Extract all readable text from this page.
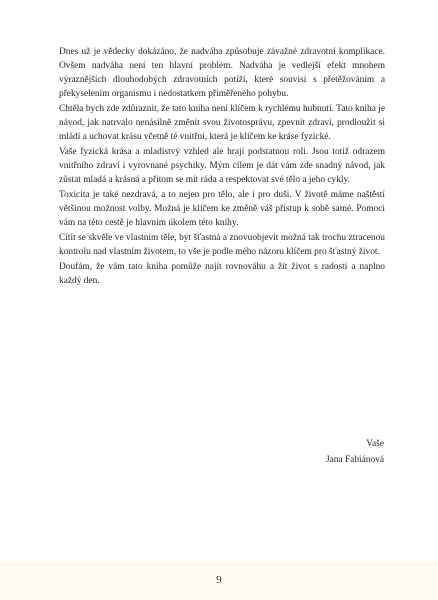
Dnes už je vědecky dokázáno, že nadváha způsobuje závažné zdravotní komplikace. Ovšem nadváha není ten hlavní problém. Nadváha je vedlejší efekt mnohem výraznějších dlouhodobých zdravotních potíží, které souvisí s přetěžováním a překyselením organismu i nedostatkem přiměřeného pohybu.

Chtěla bych zde zdůraznit, že tato kniha není klíčem k rychlému hubnutí. Tato kniha je návod, jak natrvalo nenásilně změnit svou životosprávu, zpevnit zdraví, prodloužit si mládí a uchovat krásu včetně té vnitřní, která je klíčem ke kráse fyzické.

Vaše fyzická krása a mladistvý vzhled ale hrají podstatnou roli. Jsou totiž odrazem vnitřního zdraví i vyrovnané psychiky. Mým cílem je dát vám zde snadný návod, jak zůstat mladá a krásná a přitom se mít ráda a respektovat své tělo a jeho cykly.

Toxicita je také nezdravá, a to nejen pro tělo, ale i pro duši. V životě máme naštěstí většinou možnost volby. Možná je klíčem ke změně váš přístup k sobě samé. Pomoci vám na této cestě je hlavním úkolem této knihy.

Cítit se skvěle ve vlastním těle, být šťastná a znovuobjevit možná tak trochu ztracenou kontrolu nad vlastním životem, to vše je podle mého názoru klíčem pro šťastný život.

Doufám, že vám tato kniha pomůže najít rovnováhu a žít život s radostí a naplno každý den.

Vaše
Jana Fabiánová
9
